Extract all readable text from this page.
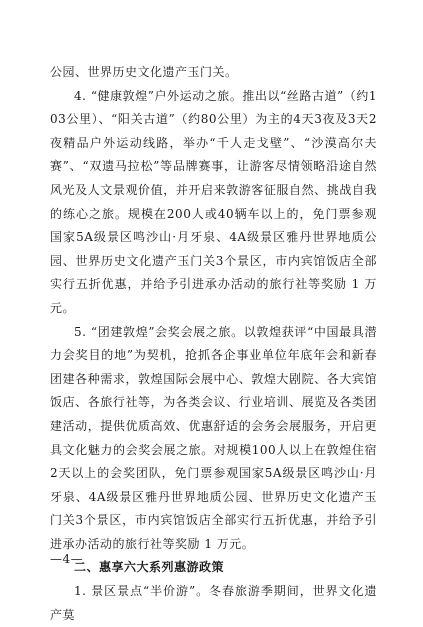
公园、世界历史文化遗产玉门关。

4. “健康敦煌”户外运动之旅。推出以“丝路古道”（约103公里）、“阳关古道”（约80公里）为主的4天3夜及3天2夜精品户外运动线路，举办“千人走戈壁”、“沙漠高尔夫赛”、“双遗马拉松”等品牌赛事，让游客尽情领略沿途自然风光及人文景观价值，并开启来敦游客征服自然、挑战自我的练心之旅。规模在200人或40辆车以上的，免门票参观国家5A级景区鸣沙山·月牙泉、4A级景区雅丹世界地质公园、世界历史文化遗产玉门关3个景区，市内宾馆饭店全部实行五折优惠，并给予引进承办活动的旅行社等奖励 1 万元。

5. “团建敦煌”会奖会展之旅。以敦煌获评“中国最具潜力会奖目的地”为契机，抢抓各企事业单位年底年会和新春团建各种需求，敦煌国际会展中心、敦煌大剧院、各大宾馆饭店、各旅行社等，为各类会议、行业培训、展览及各类团建活动，提供优质高效、优惠舒适的会务会展服务，开启更具文化魅力的会奖会展之旅。对规模100人以上在敦煌住宿2天以上的会奖团队，免门票参观国家5A级景区鸣沙山·月牙泉、4A级景区雅丹世界地质公园、世界历史文化遗产玉门关3个景区，市内宾馆饭店全部实行五折优惠，并给予引进承办活动的旅行社等奖励 1 万元。

二、惠享六大系列惠游政策

1. 景区景点“半价游”。冬春旅游季期间，世界文化遗产莫

—4—
